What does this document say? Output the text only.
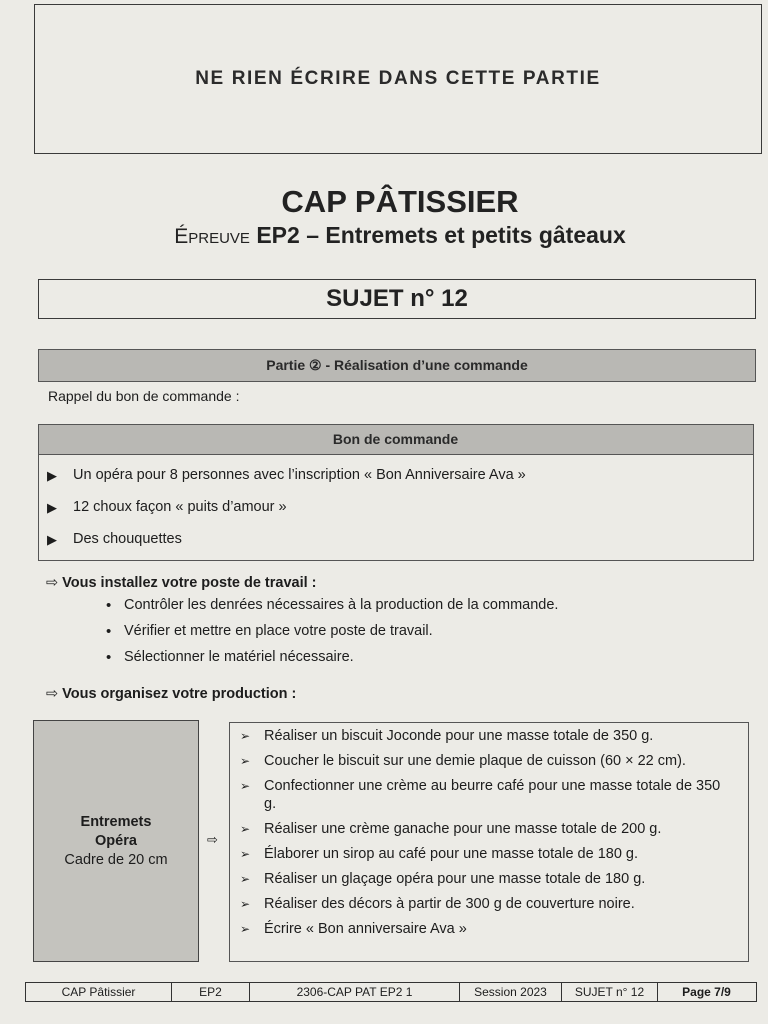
NE RIEN ÉCRIRE DANS CETTE PARTIE
CAP PÂTISSIER
Épreuve EP2 – Entremets et petits gâteaux
SUJET n° 12
Partie ② - Réalisation d’une commande
Rappel du bon de commande :
Bon de commande
▶ Un opéra pour 8 personnes avec l’inscription « Bon Anniversaire Ava »
▶ 12 choux façon « puits d’amour »
▶ Des chouquettes
⇨ Vous installez votre poste de travail :
• Contrôler les denrées nécessaires à la production de la commande.
• Vérifier et mettre en place votre poste de travail.
• Sélectionner le matériel nécessaire.
⇨ Vous organisez votre production :
Entremets
Opéra
Cadre de 20 cm
⇨
➢ Réaliser un biscuit Joconde pour une masse totale de 350 g.
➢ Coucher le biscuit sur une demie plaque de cuisson (60 × 22 cm).
➢ Confectionner une crème au beurre café pour une masse totale de 350 g.
➢ Réaliser une crème ganache pour une masse totale de 200 g.
➢ Élaborer un sirop au café pour une masse totale de 180 g.
➢ Réaliser un glaçage opéra pour une masse totale de 180 g.
➢ Réaliser des décors à partir de 300 g de couverture noire.
➢ Écrire « Bon anniversaire Ava »
CAP Pâtissier	EP2	2306-CAP PAT EP2 1	Session 2023	SUJET n° 12	Page 7/9
